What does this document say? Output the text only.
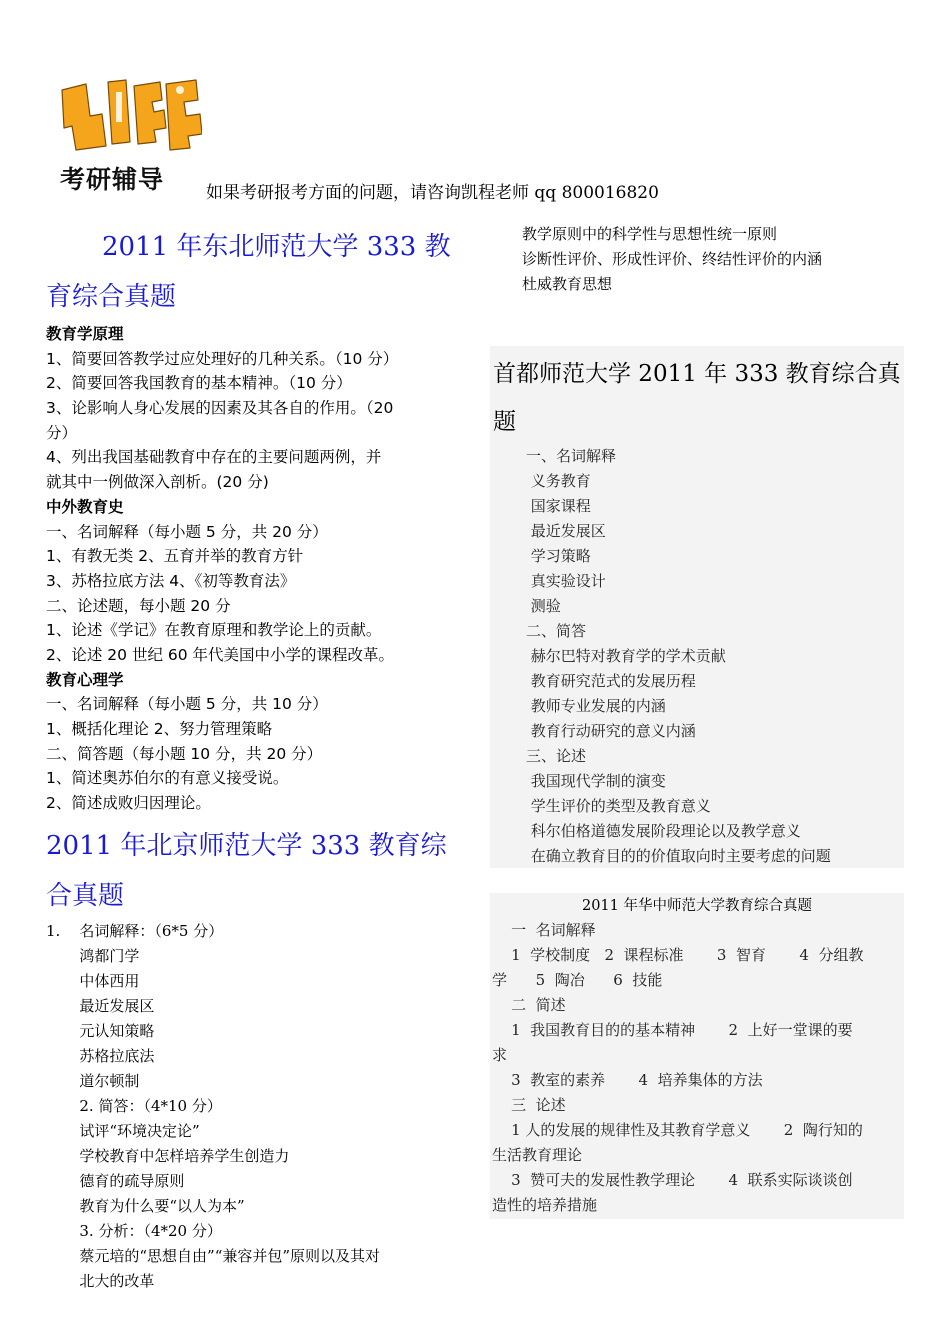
考研辅导 如果考研报考方面的问题，请咨询凯程老师 qq 800016820
2011 年东北师范大学 333 教
育综合真题
教育学原理
1、简要回答教学过应处理好的几种关系。（10 分）
2、简要回答我国教育的基本精神。（10 分）
3、论影响人身心发展的因素及其各自的作用。（20
分）
4、列出我国基础教育中存在的主要问题两例，并
就其中一例做深入剖析。(20 分)
中外教育史
一、名词解释（每小题 5 分，共 20 分）
1、有教无类 2、五育并举的教育方针
3、苏格拉底方法 4、《初等教育法》
二、论述题，每小题 20 分
1、论述《学记》在教育原理和教学论上的贡献。
2、论述 20 世纪 60 年代美国中小学的课程改革。
教育心理学
一、名词解释（每小题 5 分，共 10 分）
1、概括化理论 2、努力管理策略
二、简答题（每小题 10 分，共 20 分）
1、简述奥苏伯尔的有意义接受说。
2、简述成败归因理论。
2011 年北京师范大学 333 教育综
合真题
1.    名词解释：（6*5 分）
鸿都门学
中体西用
最近发展区
元认知策略
苏格拉底法
道尔顿制
2. 简答：（4*10 分）
试评“环境决定论”
学校教育中怎样培养学生创造力
德育的疏导原则
教育为什么要“以人为本”
3. 分析：（4*20 分）
蔡元培的“思想自由”“兼容并包”原则以及其对
北大的改革
教学原则中的科学性与思想性统一原则
诊断性评价、形成性评价、终结性评价的内涵
杜威教育思想
首都师范大学 2011 年 333 教育综合真
题
一、名词解释
义务教育
国家课程
最近发展区
学习策略
真实验设计
测验
二、简答
赫尔巴特对教育学的学术贡献
教育研究范式的发展历程
教师专业发展的内涵
教育行动研究的意义内涵
三、论述
我国现代学制的演变
学生评价的类型及教育意义
科尔伯格道德发展阶段理论以及教学意义
在确立教育目的的价值取向时主要考虑的问题
2011 年华中师范大学教育综合真题
一  名词解释
1  学校制度   2  课程标准       3  智育       4  分组教
学      5  陶冶      6  技能
二  简述
1  我国教育目的的基本精神       2  上好一堂课的要
求
3  教室的素养       4  培养集体的方法
三  论述
1 人的发展的规律性及其教育学意义       2  陶行知的
生活教育理论
3  赞可夫的发展性教学理论       4  联系实际谈谈创
造性的培养措施
